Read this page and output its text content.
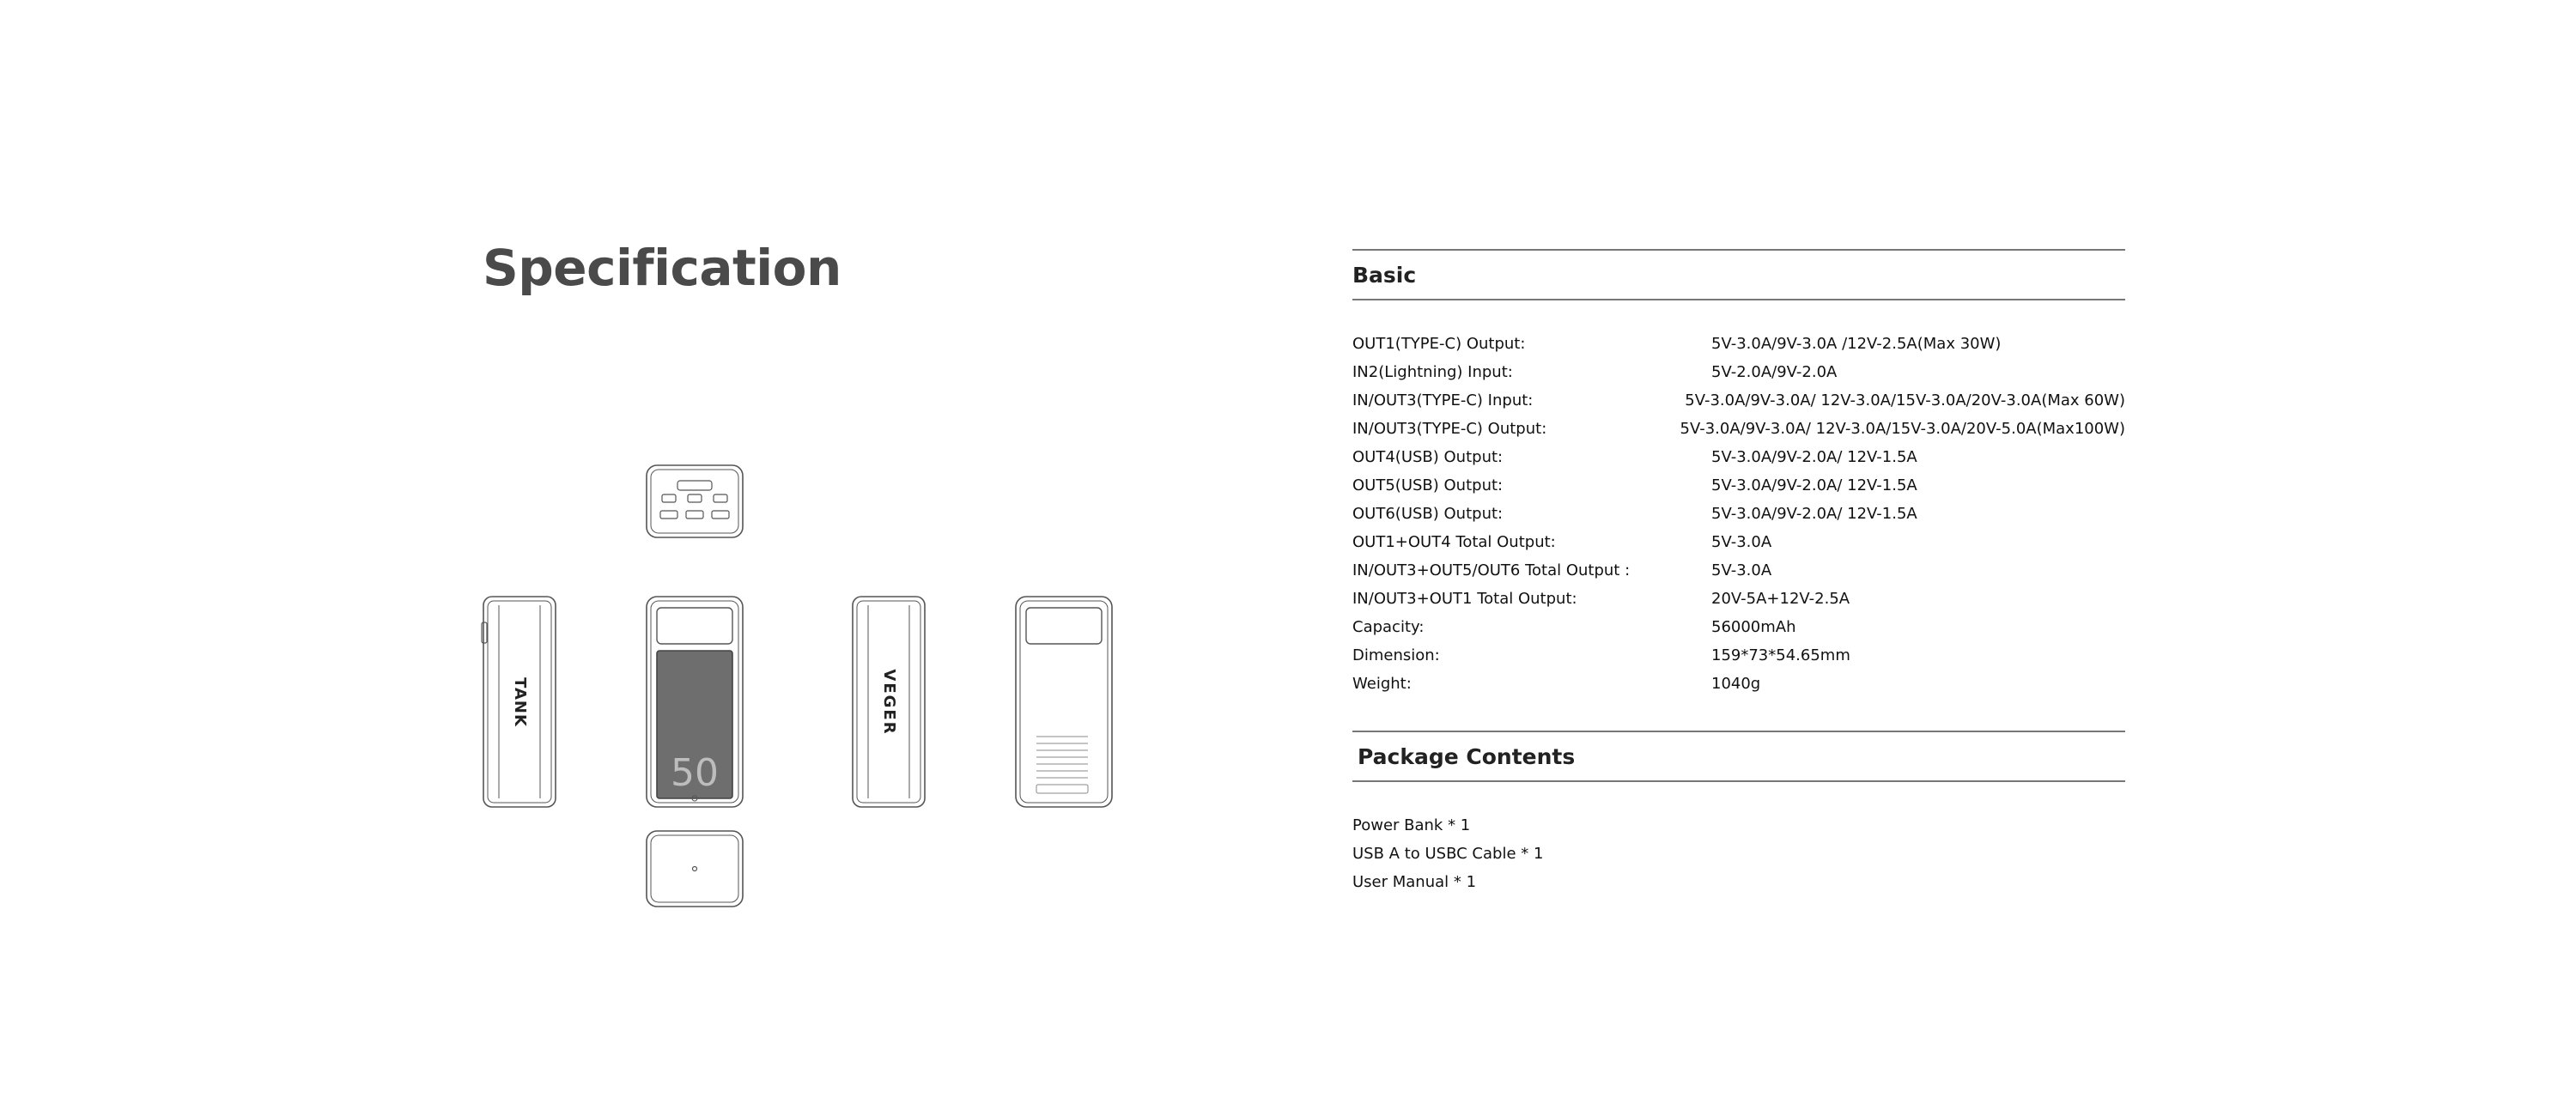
Specification
TANK	VEGER
50
Basic
OUT1(TYPE-C) Output:	5V-3.0A/9V-3.0A /12V-2.5A(Max 30W)
IN2(Lightning) Input:	5V-2.0A/9V-2.0A
IN/OUT3(TYPE-C) Input:	5V-3.0A/9V-3.0A/ 12V-3.0A/15V-3.0A/20V-3.0A(Max 60W)
IN/OUT3(TYPE-C) Output:	5V-3.0A/9V-3.0A/ 12V-3.0A/15V-3.0A/20V-5.0A(Max100W)
OUT4(USB) Output:	5V-3.0A/9V-2.0A/ 12V-1.5A
OUT5(USB) Output:	5V-3.0A/9V-2.0A/ 12V-1.5A
OUT6(USB) Output:	5V-3.0A/9V-2.0A/ 12V-1.5A
OUT1+OUT4 Total Output:	5V-3.0A
IN/OUT3+OUT5/OUT6 Total Output :	5V-3.0A
IN/OUT3+OUT1 Total Output:	20V-5A+12V-2.5A
Capacity:	56000mAh
Dimension:	159*73*54.65mm
Weight:	1040g
Package Contents
Power Bank * 1
USB A to USBC Cable * 1
User Manual * 1
